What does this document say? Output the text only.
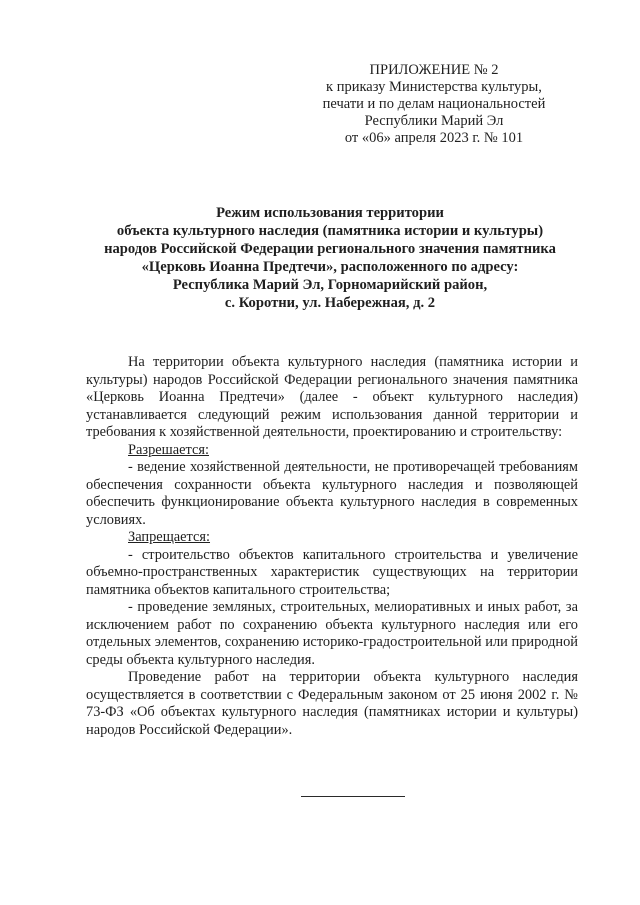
ПРИЛОЖЕНИЕ № 2
к приказу Министерства культуры,
печати и по делам национальностей
Республики Марий Эл
от «06» апреля 2023 г. № 101
Режим использования территории
объекта культурного наследия (памятника истории и культуры)
народов Российской Федерации регионального значения памятника
«Церковь Иоанна Предтечи», расположенного по адресу:
Республика Марий Эл, Горномарийский район,
с. Коротни, ул. Набережная, д. 2

На территории объекта культурного наследия (памятника истории и культуры) народов Российской Федерации регионального значения памятника «Церковь Иоанна Предтечи» (далее - объект культурного наследия) устанавливается следующий режим использования данной территории и требования к хозяйственной деятельности, проектированию и строительству:

Разрешается:

- ведение хозяйственной деятельности, не противоречащей требованиям обеспечения сохранности объекта культурного наследия и позволяющей обеспечить функционирование объекта культурного наследия в современных условиях.

Запрещается:

- строительство объектов капитального строительства и увеличение объемно-пространственных характеристик существующих на территории памятника объектов капитального строительства;

- проведение земляных, строительных, мелиоративных и иных работ, за исключением работ по сохранению объекта культурного наследия или его отдельных элементов, сохранению историко-градостроительной или природной среды объекта культурного наследия.

Проведение работ на территории объекта культурного наследия осуществляется в соответствии с Федеральным законом от 25 июня 2002 г. № 73-ФЗ «Об объектах культурного наследия (памятниках истории и культуры) народов Российской Федерации».
